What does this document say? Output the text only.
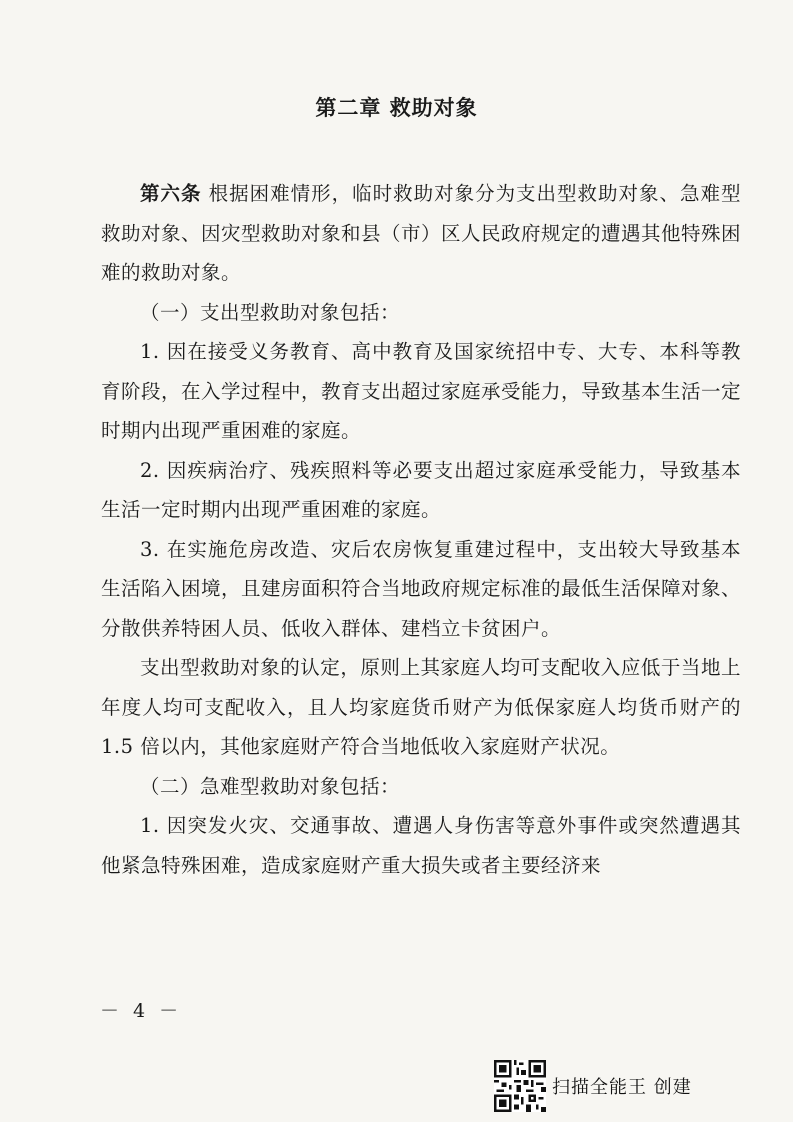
第二章 救助对象

第六条 根据困难情形，临时救助对象分为支出型救助对象、急难型救助对象、因灾型救助对象和县（市）区人民政府规定的遭遇其他特殊困难的救助对象。

（一）支出型救助对象包括：

1. 因在接受义务教育、高中教育及国家统招中专、大专、本科等教育阶段，在入学过程中，教育支出超过家庭承受能力，导致基本生活一定时期内出现严重困难的家庭。

2. 因疾病治疗、残疾照料等必要支出超过家庭承受能力，导致基本生活一定时期内出现严重困难的家庭。

3. 在实施危房改造、灾后农房恢复重建过程中，支出较大导致基本生活陷入困境，且建房面积符合当地政府规定标准的最低生活保障对象、分散供养特困人员、低收入群体、建档立卡贫困户。

支出型救助对象的认定，原则上其家庭人均可支配收入应低于当地上年度人均可支配收入，且人均家庭货币财产为低保家庭人均货币财产的 1.5 倍以内，其他家庭财产符合当地低收入家庭财产状况。

（二）急难型救助对象包括：

1. 因突发火灾、交通事故、遭遇人身伤害等意外事件或突然遭遇其他紧急特殊困难，造成家庭财产重大损失或者主要经济来

－ 4 －
扫描全能王 创建
